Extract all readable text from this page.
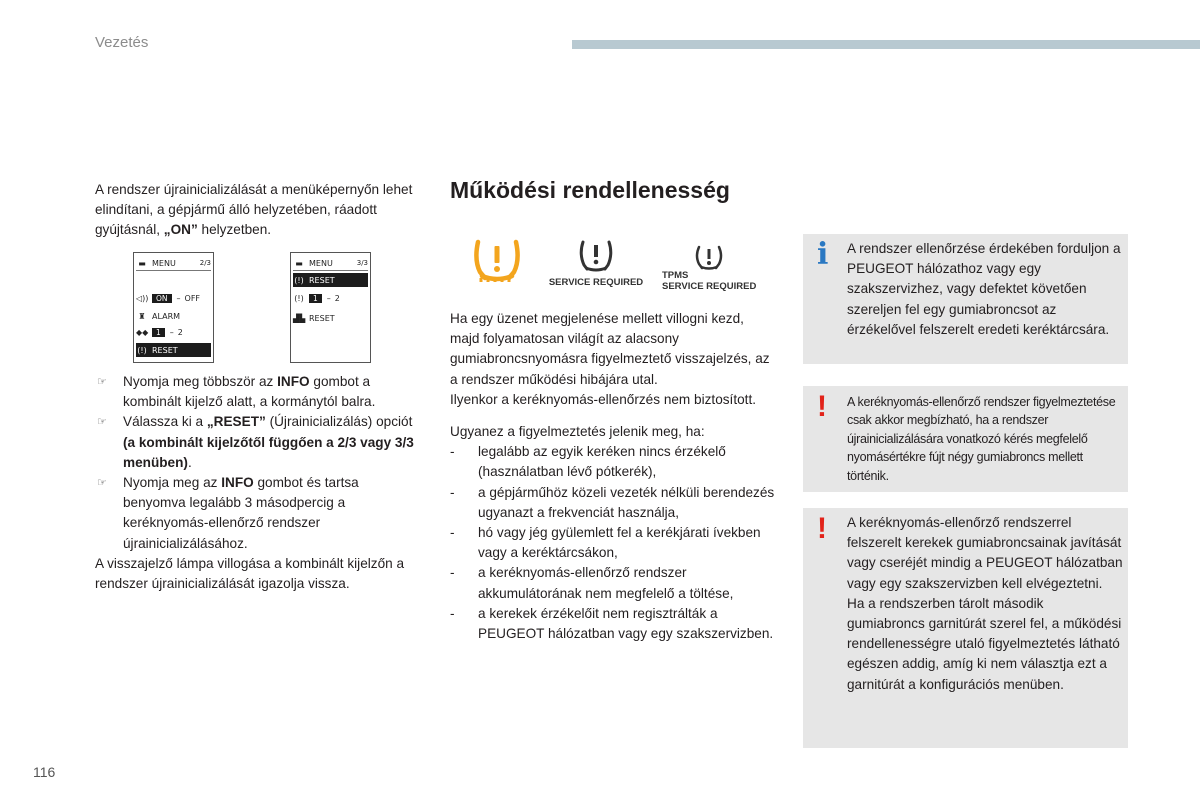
Vezetés

A rendszer újrainicializálását a menüképernyőn lehet elindítani, a gépjármű álló helyzetében, ráadott gyújtásnál, „ON” helyzetben.

▬ MENU	2/3
◁))	ON	– OFF
♜ ALARM
◆◆	1	– 2
(!) RESET
▬ MENU	3/3
(!) RESET
(!)	1	– 2
▟▙ RESET
☞ Nyomja meg többször az INFO gombot a kombinált kijelző alatt, a kormánytól balra.
☞ Válassza ki a „RESET” (Újrainicializálás) opciót (a kombinált kijelzőtől függően a 2/3 vagy 3/3 menüben).
☞ Nyomja meg az INFO gombot és tartsa benyomva legalább 3 másodpercig a keréknyomás-ellenőrző rendszer újrainicializálásához.

A visszajelző lámpa villogása a kombinált kijelzőn a rendszer újrainicializálását igazolja vissza.

Működési rendellenesség
SERVICE REQUIRED
TPMS
SERVICE REQUIRED

Ha egy üzenet megjelenése mellett villogni kezd, majd folyamatosan világít az alacsony gumiabroncsnyomásra figyelmeztető visszajelzés, az a rendszer működési hibájára utal.

Ilyenkor a keréknyomás-ellenőrzés nem biztosított.

Ugyanez a figyelmeztetés jelenik meg, ha:

- legalább az egyik keréken nincs érzékelő (használatban lévő pótkerék),
- a gépjárműhöz közeli vezeték nélküli berendezés ugyanazt a frekvenciát használja,
- hó vagy jég gyülemlett fel a kerékjárati ívekben vagy a keréktárcsákon,
- a keréknyomás-ellenőrző rendszer akkumulátorának nem megfelelő a töltése,
- a kerekek érzékelőit nem regisztrálták a PEUGEOT hálózatban vagy egy szakszervizben.
i A rendszer ellenőrzése érdekében forduljon a PEUGEOT hálózathoz vagy egy szakszervizhez, vagy defektet követően szereljen fel egy gumiabroncsot az érzékelővel felszerelt eredeti keréktárcsára.

! A keréknyomás-ellenőrző rendszer figyelmeztetése csak akkor megbízható, ha a rendszer újrainicializálására vonatkozó kérés megfelelő nyomásértékre fújt négy gumiabroncs mellett történik.

! A keréknyomás-ellenőrző rendszerrel felszerelt kerekek gumiabroncsainak javítását vagy cseréjét mindig a PEUGEOT hálózatban vagy egy szakszervizben kell elvégeztetni.

Ha a rendszerben tárolt második gumiabroncs garnitúrát szerel fel, a működési rendellenességre utaló figyelmeztetés látható egészen addig, amíg ki nem választja ezt a garnitúrát a konfigurációs menüben.

116
